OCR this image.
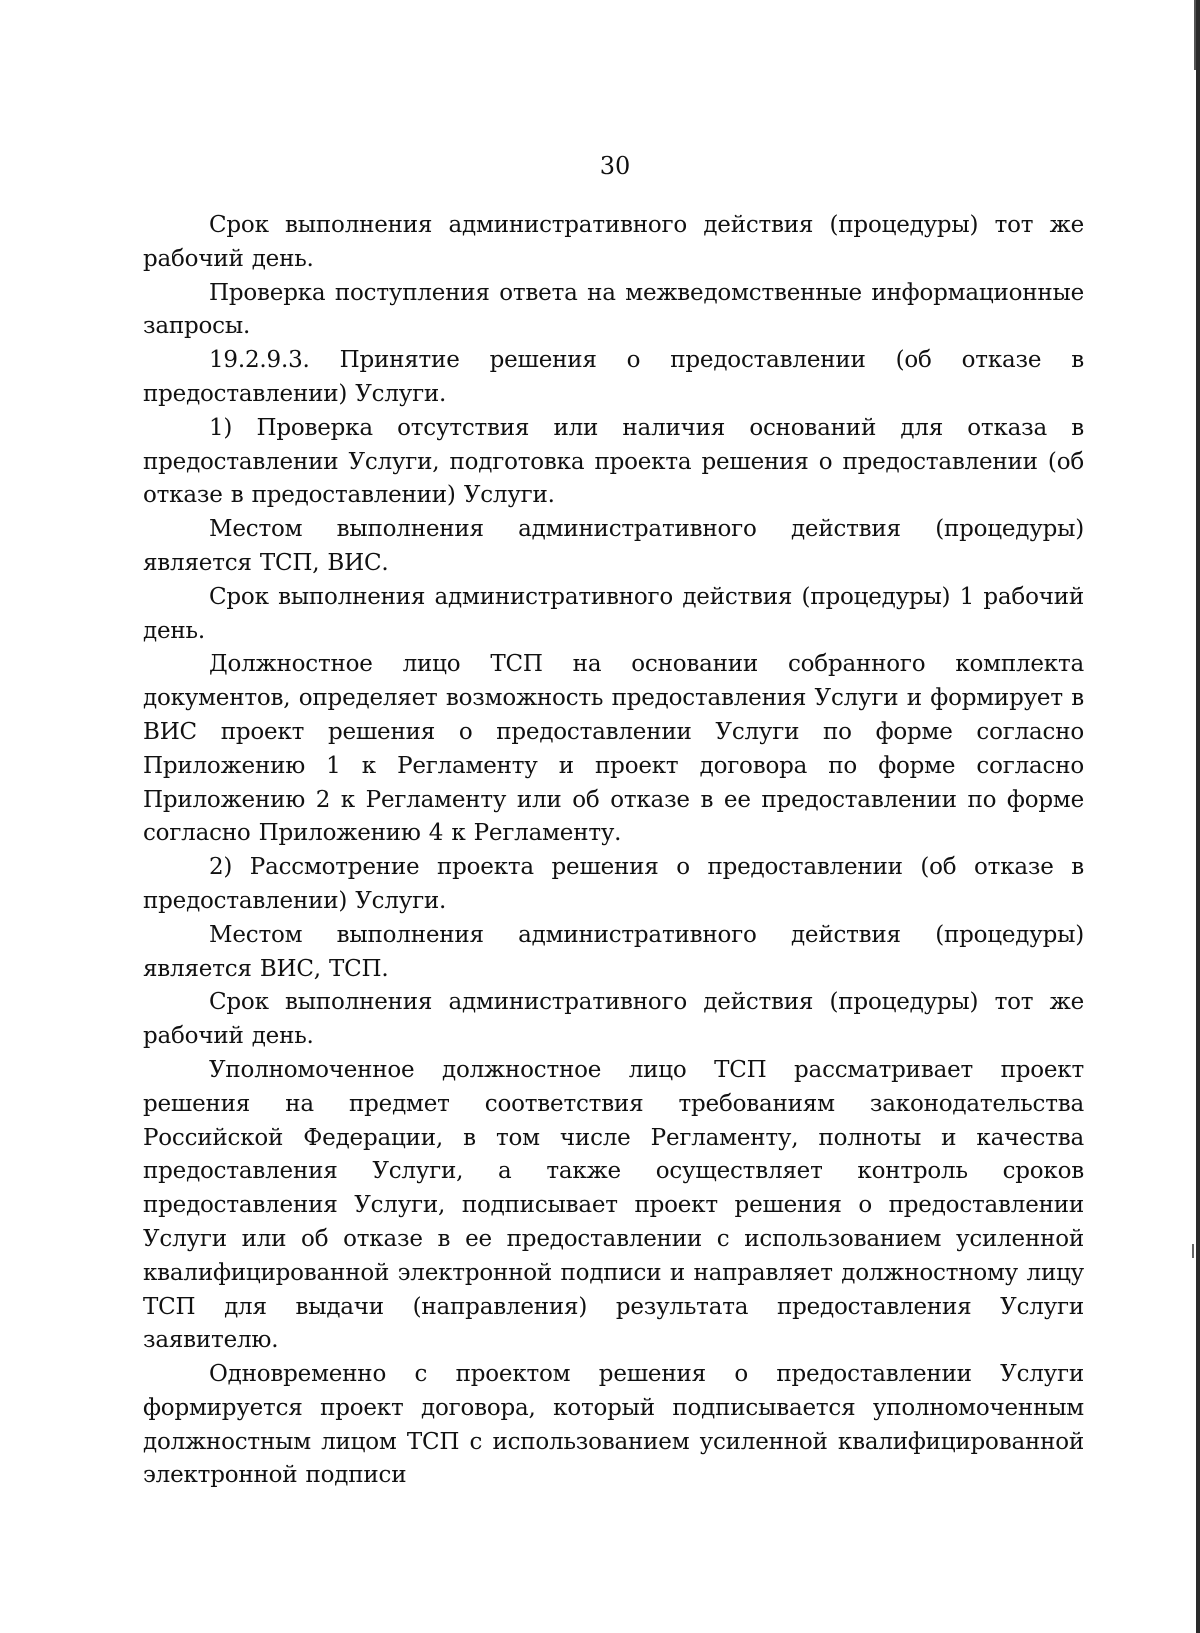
30

Срок выполнения административного действия (процедуры) тот же рабочий день.

Проверка поступления ответа на межведомственные информационные запросы.

19.2.9.3. Принятие решения о предоставлении (об отказе в предоставлении) Услуги.

1) Проверка отсутствия или наличия оснований для отказа в предоставлении Услуги, подготовка проекта решения о предоставлении (об отказе в предоставлении) Услуги.

Местом выполнения административного действия (процедуры) является ТСП, ВИС.

Срок выполнения административного действия (процедуры) 1 рабочий день.

Должностное лицо ТСП на основании собранного комплекта документов, определяет возможность предоставления Услуги и формирует в ВИС проект решения о предоставлении Услуги по форме согласно Приложению 1 к Регламенту и проект договора по форме согласно Приложению 2 к Регламенту или об отказе в ее предоставлении по форме согласно Приложению 4 к Регламенту.

2) Рассмотрение проекта решения о предоставлении (об отказе в предоставлении) Услуги.

Местом выполнения административного действия (процедуры) является ВИС, ТСП.

Срок выполнения административного действия (процедуры) тот же рабочий день.

Уполномоченное должностное лицо ТСП рассматривает проект решения на предмет соответствия требованиям законодательства Российской Федерации, в том числе Регламенту, полноты и качества предоставления Услуги, а также осуществляет контроль сроков предоставления Услуги, подписывает проект решения о предоставлении Услуги или об отказе в ее предоставлении с использованием усиленной квалифицированной электронной подписи и направляет должностному лицу ТСП для выдачи (направления) результата предоставления Услуги заявителю.

Одновременно с проектом решения о предоставлении Услуги формируется проект договора, который подписывается уполномоченным должностным лицом ТСП с использованием усиленной квалифицированной электронной подписи
